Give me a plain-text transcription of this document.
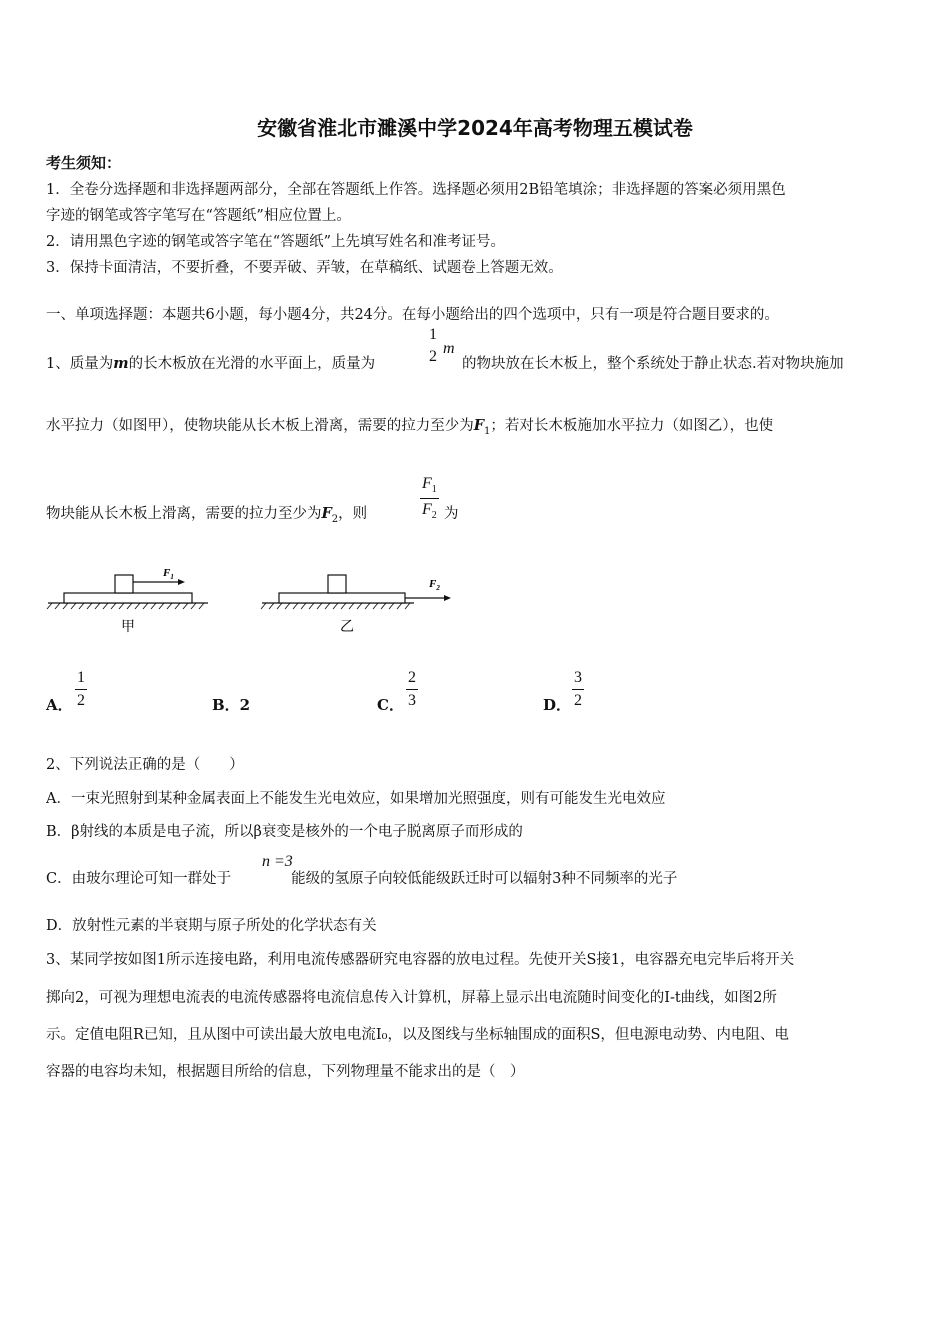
安徽省淮北市濉溪中学2024年高考物理五模试卷
考生须知：
1．全卷分选择题和非选择题两部分，全部在答题纸上作答。选择题必须用2B铅笔填涂；非选择题的答案必须用黑色
字迹的钢笔或答字笔写在“答题纸”相应位置上。
2．请用黑色字迹的钢笔或答字笔在“答题纸”上先填写姓名和准考证号。
3．保持卡面清洁，不要折叠，不要弄破、弄皱，在草稿纸、试题卷上答题无效。
一、单项选择题：本题共6小题，每小题4分，共24分。在每小题给出的四个选项中，只有一项是符合题目要求的。
1、质量为m的长木板放在光滑的水平面上，质量为
1
2 m
的物块放在长木板上，整个系统处于静止状态.若对物块施加
水平拉力（如图甲），使物块能从长木板上滑离，需要的拉力至少为$F_1$；若对长木板施加水平拉力（如图乙），也使
物块能从长木板上滑离，需要的拉力至少为$F_2$，则	$\frac{F_1}{F_2}$ 为
$F_1$
甲
$F_2$
乙
A． $\frac{1}{2}$	B．2	C． $\frac{2}{3}$	D． $\frac{3}{2}$
2、下列说法正确的是（　　）
A．一束光照射到某种金属表面上不能发生光电效应，如果增加光照强度，则有可能发生光电效应
B．β射线的本质是电子流，所以β衰变是核外的一个电子脱离原子而形成的
C．由玻尔理论可知一群处于	能级的氢原子向较低能级跃迁时可以辐射3种不同频率的光子
n =3
D．放射性元素的半衰期与原子所处的化学状态有关
3、某同学按如图1所示连接电路，利用电流传感器研究电容器的放电过程。先使开关S接1，电容器充电完毕后将开关
掷向2，可视为理想电流表的电流传感器将电流信息传入计算机，屏幕上显示出电流随时间变化的I-t曲线，如图2所
示。定值电阻R已知，且从图中可读出最大放电电流I₀，以及图线与坐标轴围成的面积S，但电源电动势、内电阻、电
容器的电容均未知，根据题目所给的信息，下列物理量不能求出的是（　）
